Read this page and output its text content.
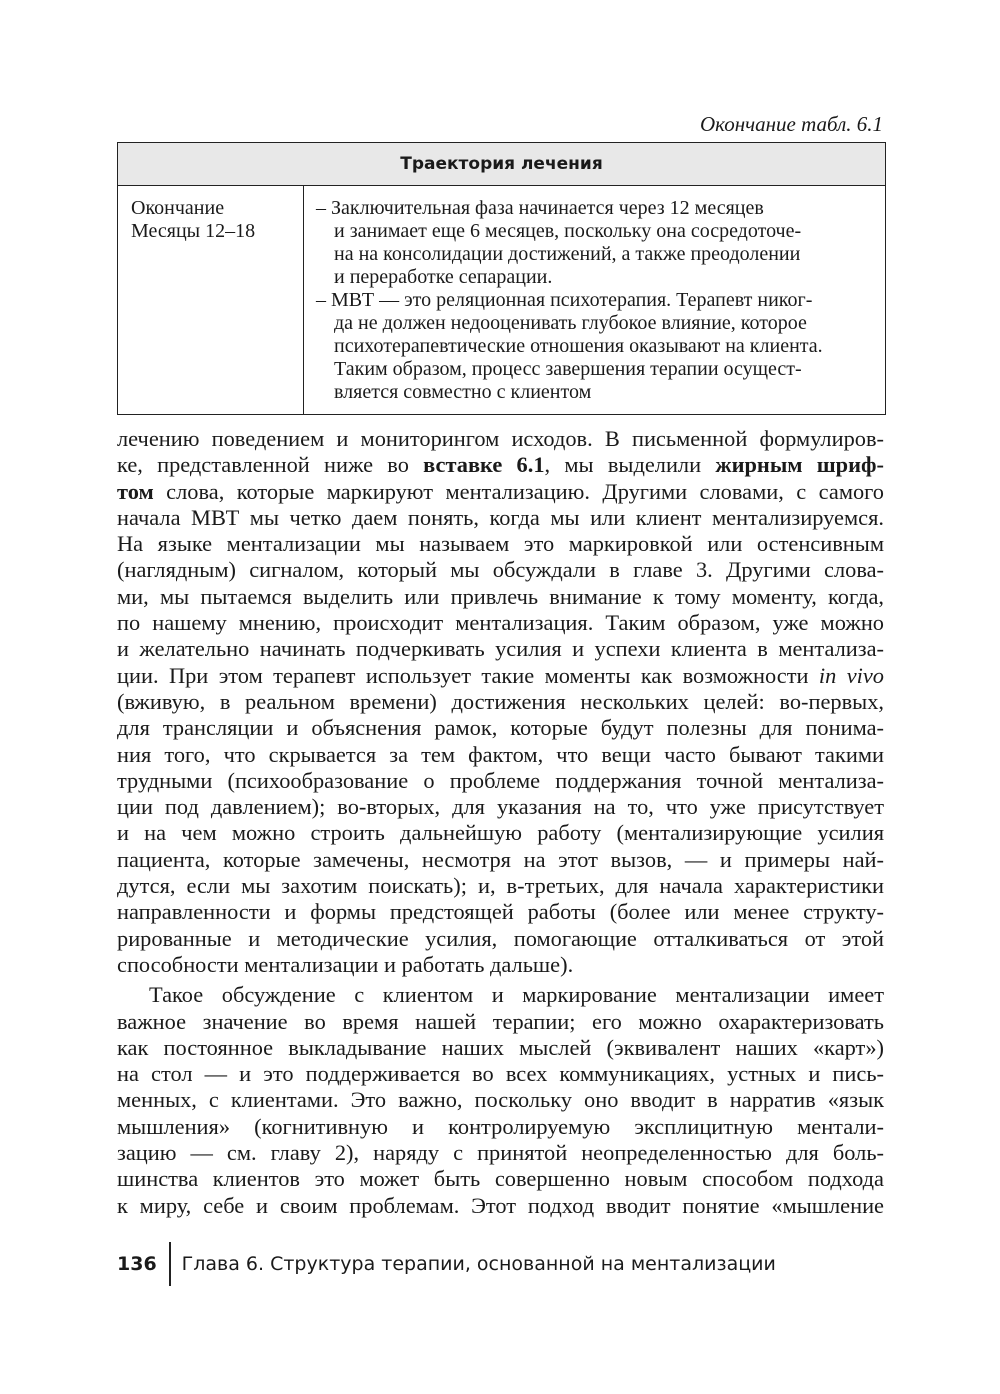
Окончание табл. 6.1
Траектория лечения
Окончание
Месяцы 12–18
– Заключительная фаза начинается через 12 месяцев
и занимает еще 6 месяцев, поскольку она сосредоточе-
на на консолидации достижений, а также преодолении
и переработке сепарации.
– МВТ — это реляционная психотерапия. Терапевт никог-
да не должен недооценивать глубокое влияние, которое
психотерапевтические отношения оказывают на клиента.
Таким образом, процесс завершения терапии осущест-
вляется совместно с клиентом
лечению поведением и мониторингом исходов. В письменной формулиров-
ке, представленной ниже во вставке 6.1, мы выделили жирным шриф-
том слова, которые маркируют ментализацию. Другими словами, с самого
начала МВТ мы четко даем понять, когда мы или клиент ментализируемся.
На языке ментализации мы называем это маркировкой или остенсивным
(наглядным) сигналом, который мы обсуждали в главе 3. Другими слова-
ми, мы пытаемся выделить или привлечь внимание к тому моменту, когда,
по нашему мнению, происходит ментализация. Таким образом, уже можно
и желательно начинать подчеркивать усилия и успехи клиента в ментализа-
ции. При этом терапевт использует такие моменты как возможности in vivo
(вживую, в реальном времени) достижения нескольких целей: во-первых,
для трансляции и объяснения рамок, которые будут полезны для понима-
ния того, что скрывается за тем фактом, что вещи часто бывают такими
трудными (психообразование о проблеме поддержания точной ментализа-
ции под давлением); во-вторых, для указания на то, что уже присутствует
и на чем можно строить дальнейшую работу (ментализирующие усилия
пациента, которые замечены, несмотря на этот вызов, — и примеры най-
дутся, если мы захотим поискать); и, в-третьих, для начала характеристики
направленности и формы предстоящей работы (более или менее структу-
рированные и методические усилия, помогающие отталкиваться от этой
способности ментализации и работать дальше).
Такое обсуждение с клиентом и маркирование ментализации имеет
важное значение во время нашей терапии; его можно охарактеризовать
как постоянное выкладывание наших мыслей (эквивалент наших «карт»)
на стол — и это поддерживается во всех коммуникациях, устных и пись-
менных, с клиентами. Это важно, поскольку оно вводит в нарратив «язык
мышления» (когнитивную и контролируемую эксплицитную ментали-
зацию — см. главу 2), наряду с принятой неопределенностью для боль-
шинства клиентов это может быть совершенно новым способом подхода
к миру, себе и своим проблемам. Этот подход вводит понятие «мышление
136	Глава 6. Структура терапии, основанной на ментализации
